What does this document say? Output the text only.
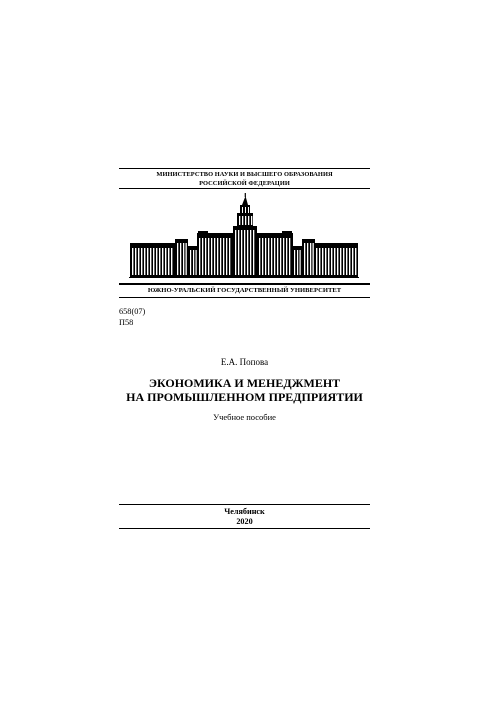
МИНИСТЕРСТВО НАУКИ И ВЫСШЕГО ОБРАЗОВАНИЯ
РОССИЙСКОЙ ФЕДЕРАЦИИ
ЮЖНО-УРАЛЬСКИЙ ГОСУДАРСТВЕННЫЙ УНИВЕРСИТЕТ
658(07)
П58
Е.А. Попова
ЭКОНОМИКА И МЕНЕДЖМЕНТ
НА ПРОМЫШЛЕННОМ ПРЕДПРИЯТИИ
Учебное пособие
Челябинск
2020
